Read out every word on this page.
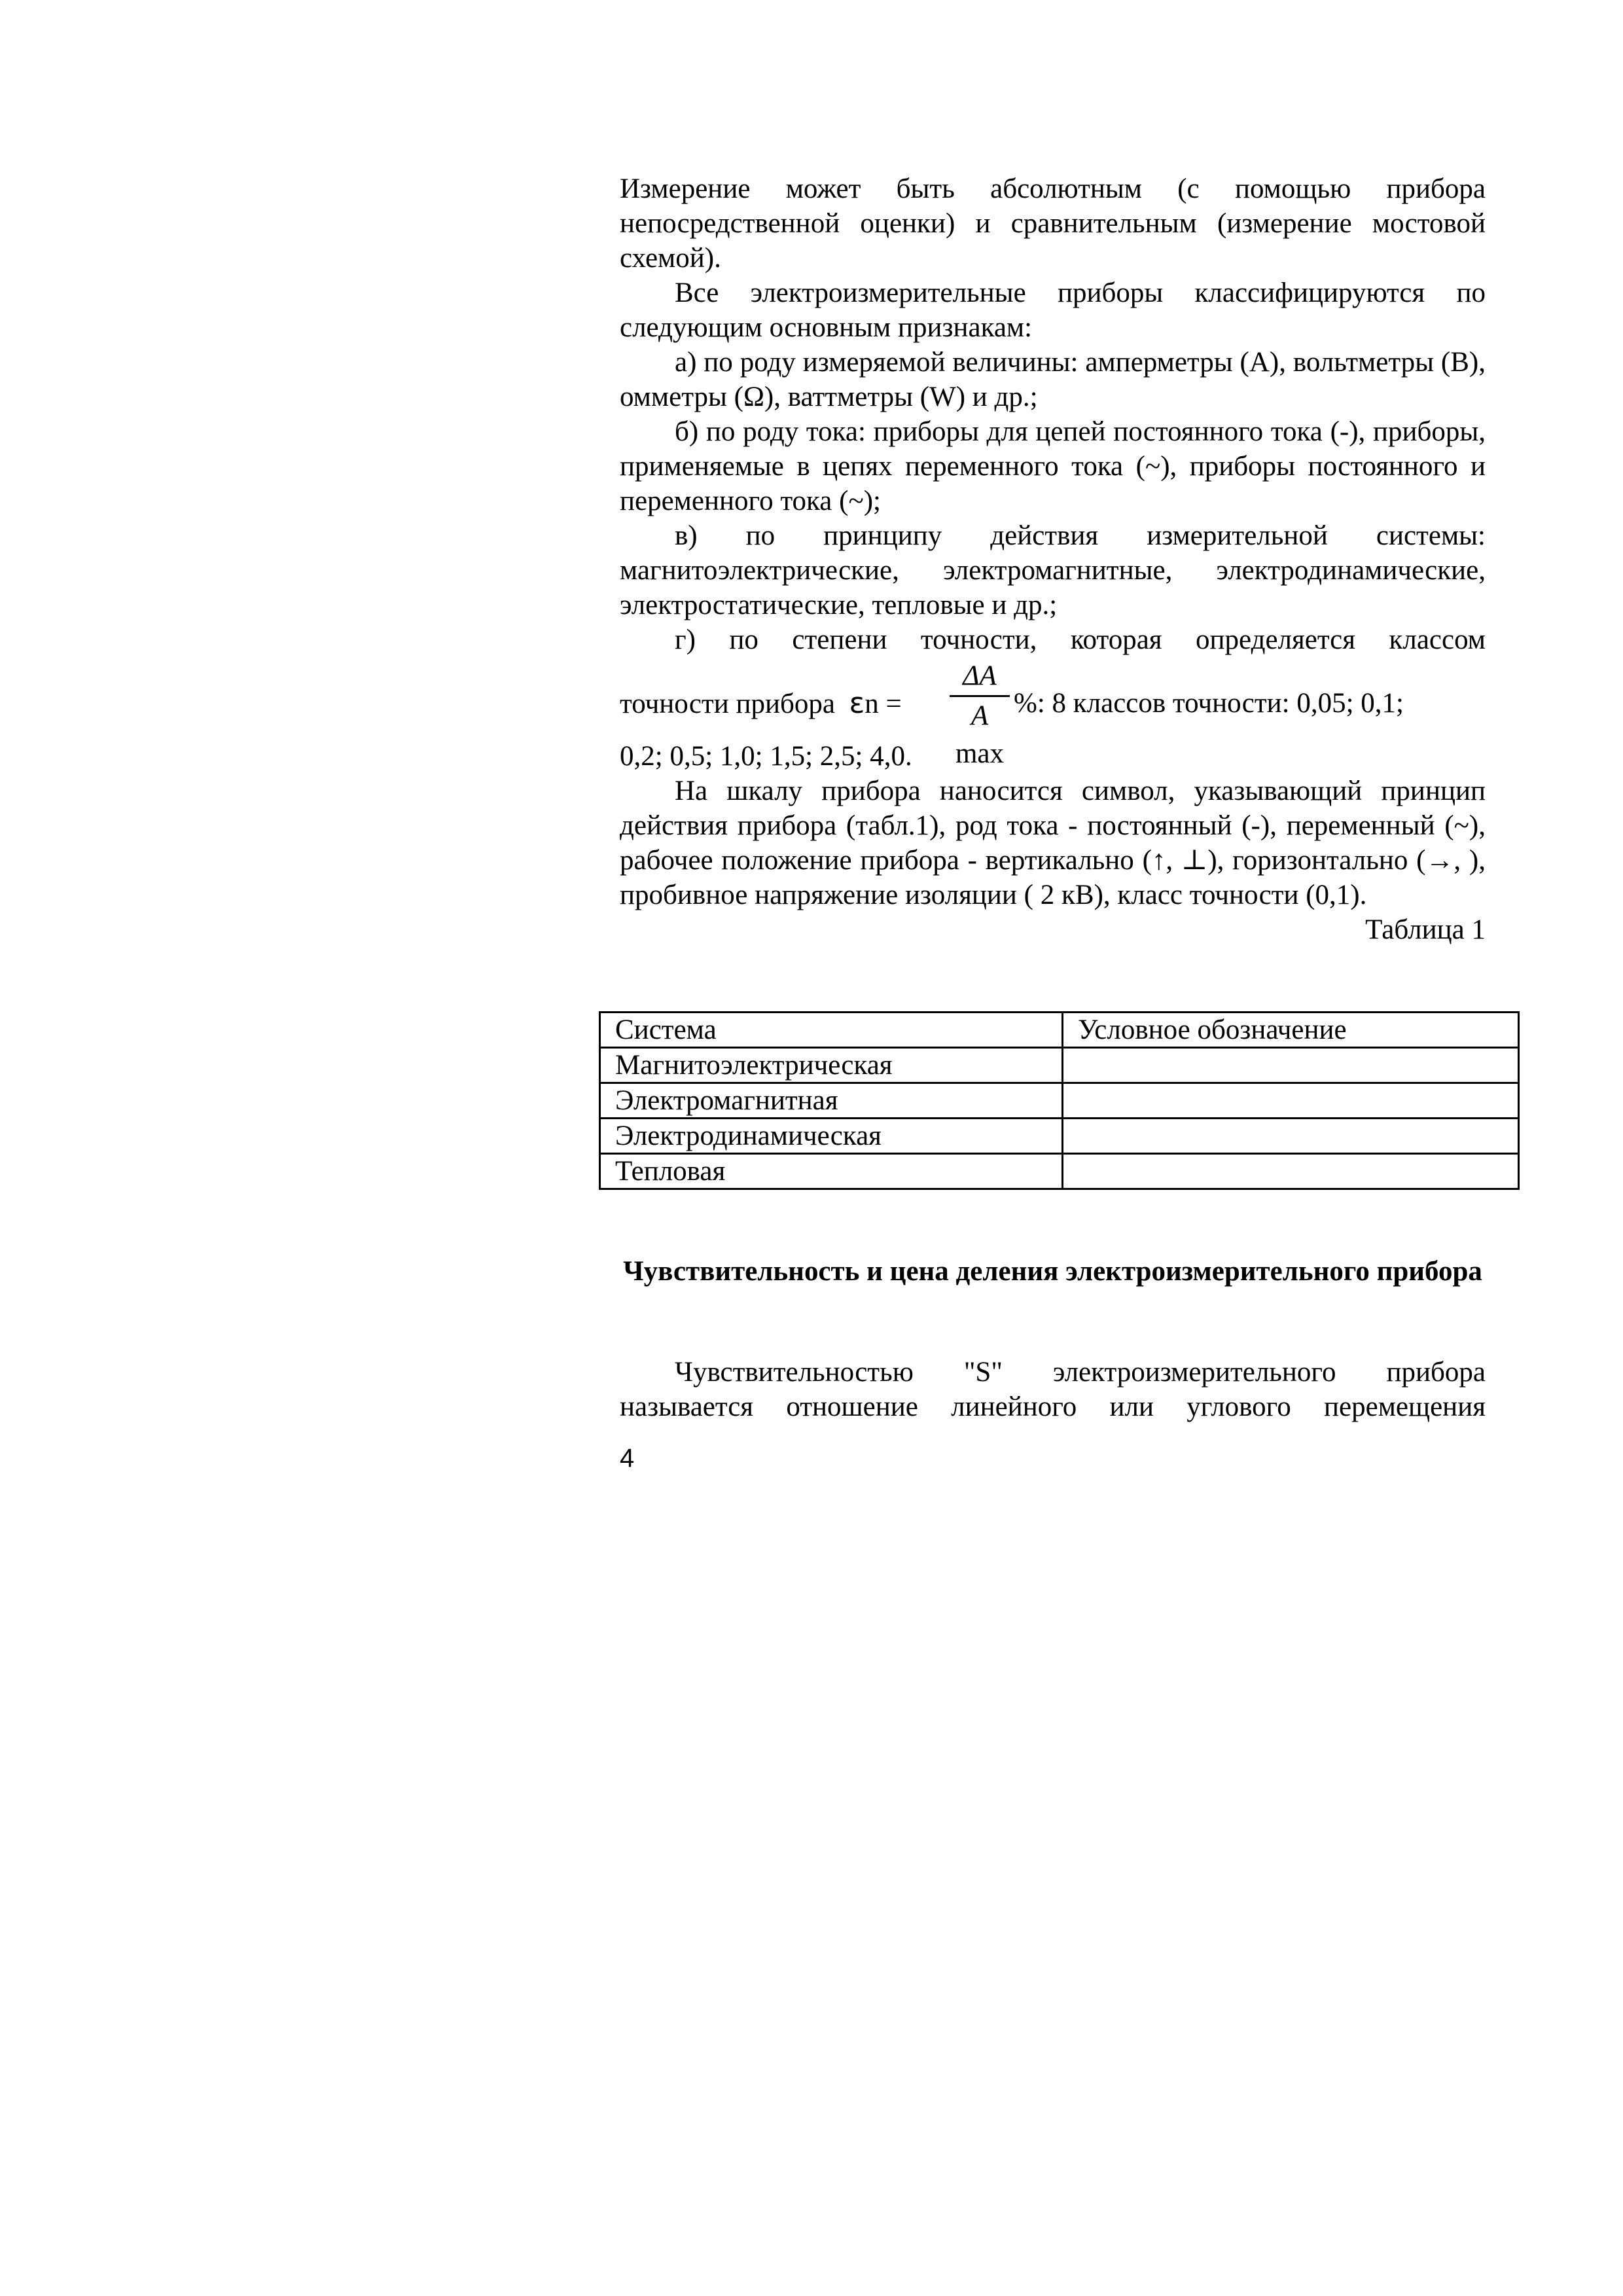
Измерение может быть абсолютным (с помощью прибора непосредственной оценки) и сравнительным (измерение мостовой схемой).

Все электроизмерительные приборы классифицируются по следующим основным признакам:

а) по роду измеряемой величины: амперметры (А), вольтметры (В), омметры (Ω), ваттметры (W) и др.;

б) по роду тока: приборы для цепей постоянного тока (-), приборы, применяемые в цепях переменного тока (~), приборы постоянного и переменного тока (~);

в) по принципу действия измерительной системы: магнитоэлектрические, электромагнитные, электродинамические, электростатические, тепловые и др.;

г) по степени точности, которая определяется классом

точности прибора εn =
ΔA
A max
%: 8 классов точности: 0,05; 0,1;

0,2; 0,5; 1,0; 1,5; 2,5; 4,0.

На шкалу прибора наносится символ, указывающий принцип действия прибора (табл.1), род тока - постоянный (-), переменный (~), рабочее положение прибора - вертикально (↑, ⊥), горизонтально (→, ), пробивное напряжение изоляции ( 2 кВ), класс точности (0,1).

Таблица 1

Система	Условное обозначение
Магнитоэлектрическая	
Электромагнитная	
Электродинамическая	
Тепловая	
Чувствительность и цена деления электроизмерительного прибора

Чувствительностью "S" электроизмерительного прибора называется отношение линейного или углового перемещения

4
